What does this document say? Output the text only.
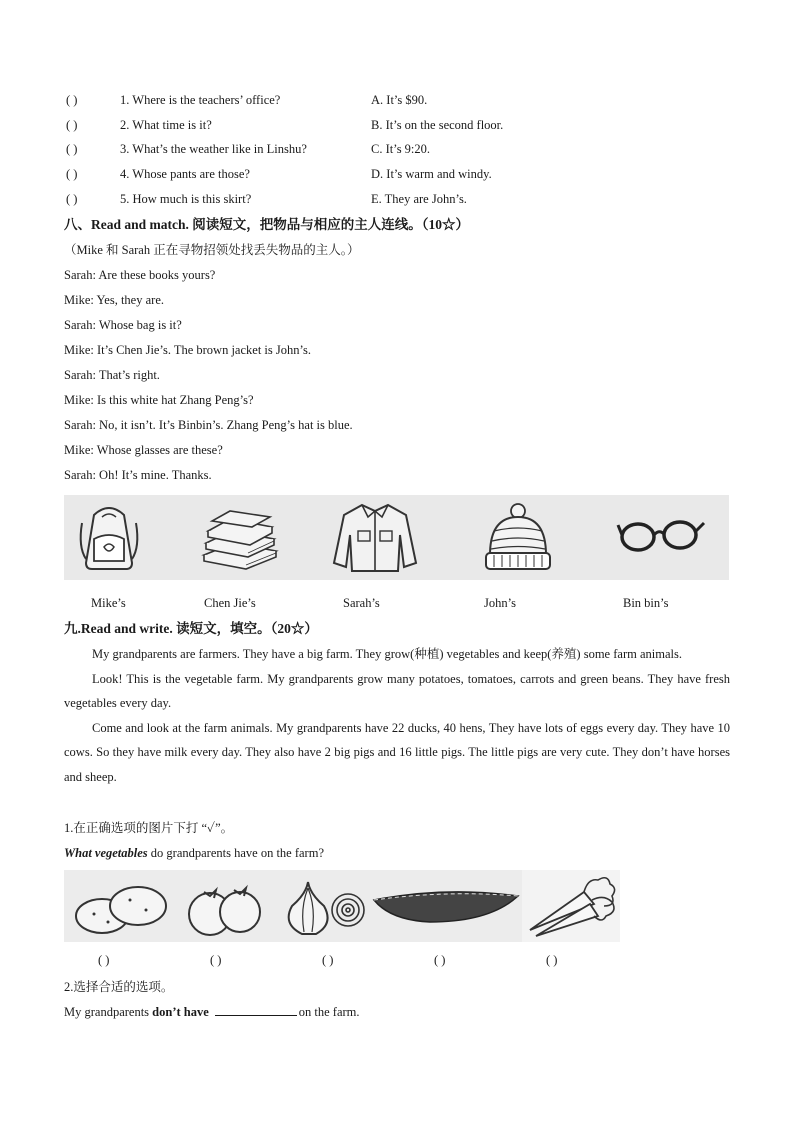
( )	1. Where is the teachers’ office?	A. It’s $90.
( )	2. What time is it?	B. It’s on the second floor.
( )	3. What’s the weather like in Linshu?	C. It’s 9:20.
( )	4. Whose pants are those?	D. It’s warm and windy.
( )	5. How much is this skirt?	E. They are John’s.
八、Read and match. 阅读短文，把物品与相应的主人连线。（10☆）
（Mike 和 Sarah 正在寻物招领处找丢失物品的主人。）
Sarah: Are these books yours?
Mike: Yes, they are.
Sarah: Whose bag is it?
Mike: It’s Chen Jie’s. The brown jacket is John’s.
Sarah: That’s right.
Mike: Is this white hat Zhang Peng’s?
Sarah: No, it isn’t. It’s Binbin’s. Zhang Peng’s hat is blue.
Mike: Whose glasses are these?
Sarah: Oh! It’s mine. Thanks.
Mike’s	Chen Jie’s	Sarah’s	John’s	Bin bin’s
九.Read and write. 读短文，填空。（20☆）

My grandparents are farmers. They have a big farm. They grow(种植) vegetables and keep(养殖) some farm animals.

Look! This is the vegetable farm. My grandparents grow many potatoes, tomatoes, carrots and green beans. They have fresh vegetables every day.

Come and look at the farm animals. My grandparents have 22 ducks, 40 hens, They have lots of eggs every day. They have 10 cows. So they have milk every day. They also have 2 big pigs and 16 little pigs. The little pigs are very cute. They don’t have horses and sheep.

1.在正确选项的图片下打 “✓”。
What vegetables do grandparents have on the farm?
( )	( )	( )	( )	( )
2.选择合适的选项。
My grandparents don’t have	on the farm.
